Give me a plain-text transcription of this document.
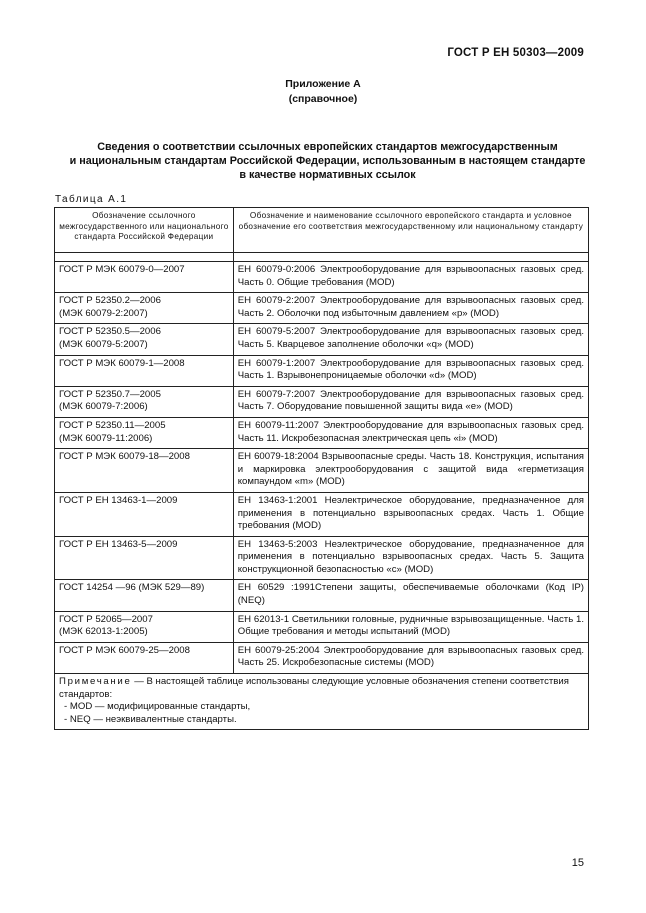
ГОСТ Р ЕН 50303—2009
Приложение А
(справочное)
Сведения о соответствии ссылочных европейских стандартов межгосударственным
и национальным стандартам Российской Федерации, использованным в настоящем стандарте
в качестве нормативных ссылок
Таблица А.1
Обозначение ссылочного межгосударственного или национального стандарта Российской Федерации	Обозначение и наименование ссылочного европейского стандарта и условное обозначение его соответствия межгосударственному или национальному стандарту

ГОСТ Р МЭК 60079-0—2007	ЕН 60079-0:2006 Электрооборудование для взрывоопасных газовых сред. Часть 0. Общие требования (MOD)

ГОСТ Р 52350.2—2006
(МЭК 60079-2:2007)	ЕН 60079-2:2007 Электрооборудование для взрывоопасных газовых сред. Часть 2. Оболочки под избыточным давлением «р» (MOD)

ГОСТ Р 52350.5—2006
(МЭК 60079-5:2007)	ЕН 60079-5:2007 Электрооборудование для взрывоопасных газовых сред. Часть 5. Кварцевое заполнение оболочки «q» (MOD)

ГОСТ Р МЭК 60079-1—2008	ЕН 60079-1:2007 Электрооборудование для взрывоопасных газовых сред. Часть 1. Взрывонепроницаемые оболочки «d» (MOD)

ГОСТ Р 52350.7—2005
(МЭК 60079-7:2006)	ЕН 60079-7:2007 Электрооборудование для взрывоопасных газовых сред. Часть 7. Оборудование повышенной защиты вида «е» (MOD)

ГОСТ Р 52350.11—2005
(МЭК 60079-11:2006)	ЕН 60079-11:2007 Электрооборудование для взрывоопасных газовых сред. Часть 11. Искробезопасная электрическая цепь «i» (MOD)

ГОСТ Р МЭК 60079-18—2008	ЕН 60079-18:2004 Взрывоопасные среды. Часть 18. Конструкция, испытания и маркировка электрооборудования с защитой вида «герметизация компаундом «m» (MOD)

ГОСТ Р ЕН 13463-1—2009	ЕН 13463-1:2001 Неэлектрическое оборудование, предназначенное для применения в потенциально взрывоопасных средах. Часть 1. Общие требования (MOD)

ГОСТ Р ЕН 13463-5—2009	ЕН 13463-5:2003 Неэлектрическое оборудование, предназначенное для применения в потенциально взрывоопасных средах. Часть 5. Защита конструкционной безопасностью «с» (MOD)

ГОСТ 14254 —96 (МЭК 529—89)	ЕН 60529 :1991Степени защиты, обеспечиваемые оболочками (Код IP) (NEQ)

ГОСТ Р 52065—2007
(МЭК 62013-1:2005)	ЕН 62013-1 Светильники головные, рудничные взрывозащищенные. Часть 1. Общие требования и методы испытаний (MOD)

ГОСТ Р МЭК 60079-25—2008	ЕН 60079-25:2004 Электрооборудование для взрывоопасных газовых сред. Часть 25. Искробезопасные системы (MOD)
Примечание — В настоящей таблице использованы следующие условные обозначения степени соответствия стандартов:
- MOD — модифицированные стандарты,
- NEQ — неэквивалентные стандарты.	
15
